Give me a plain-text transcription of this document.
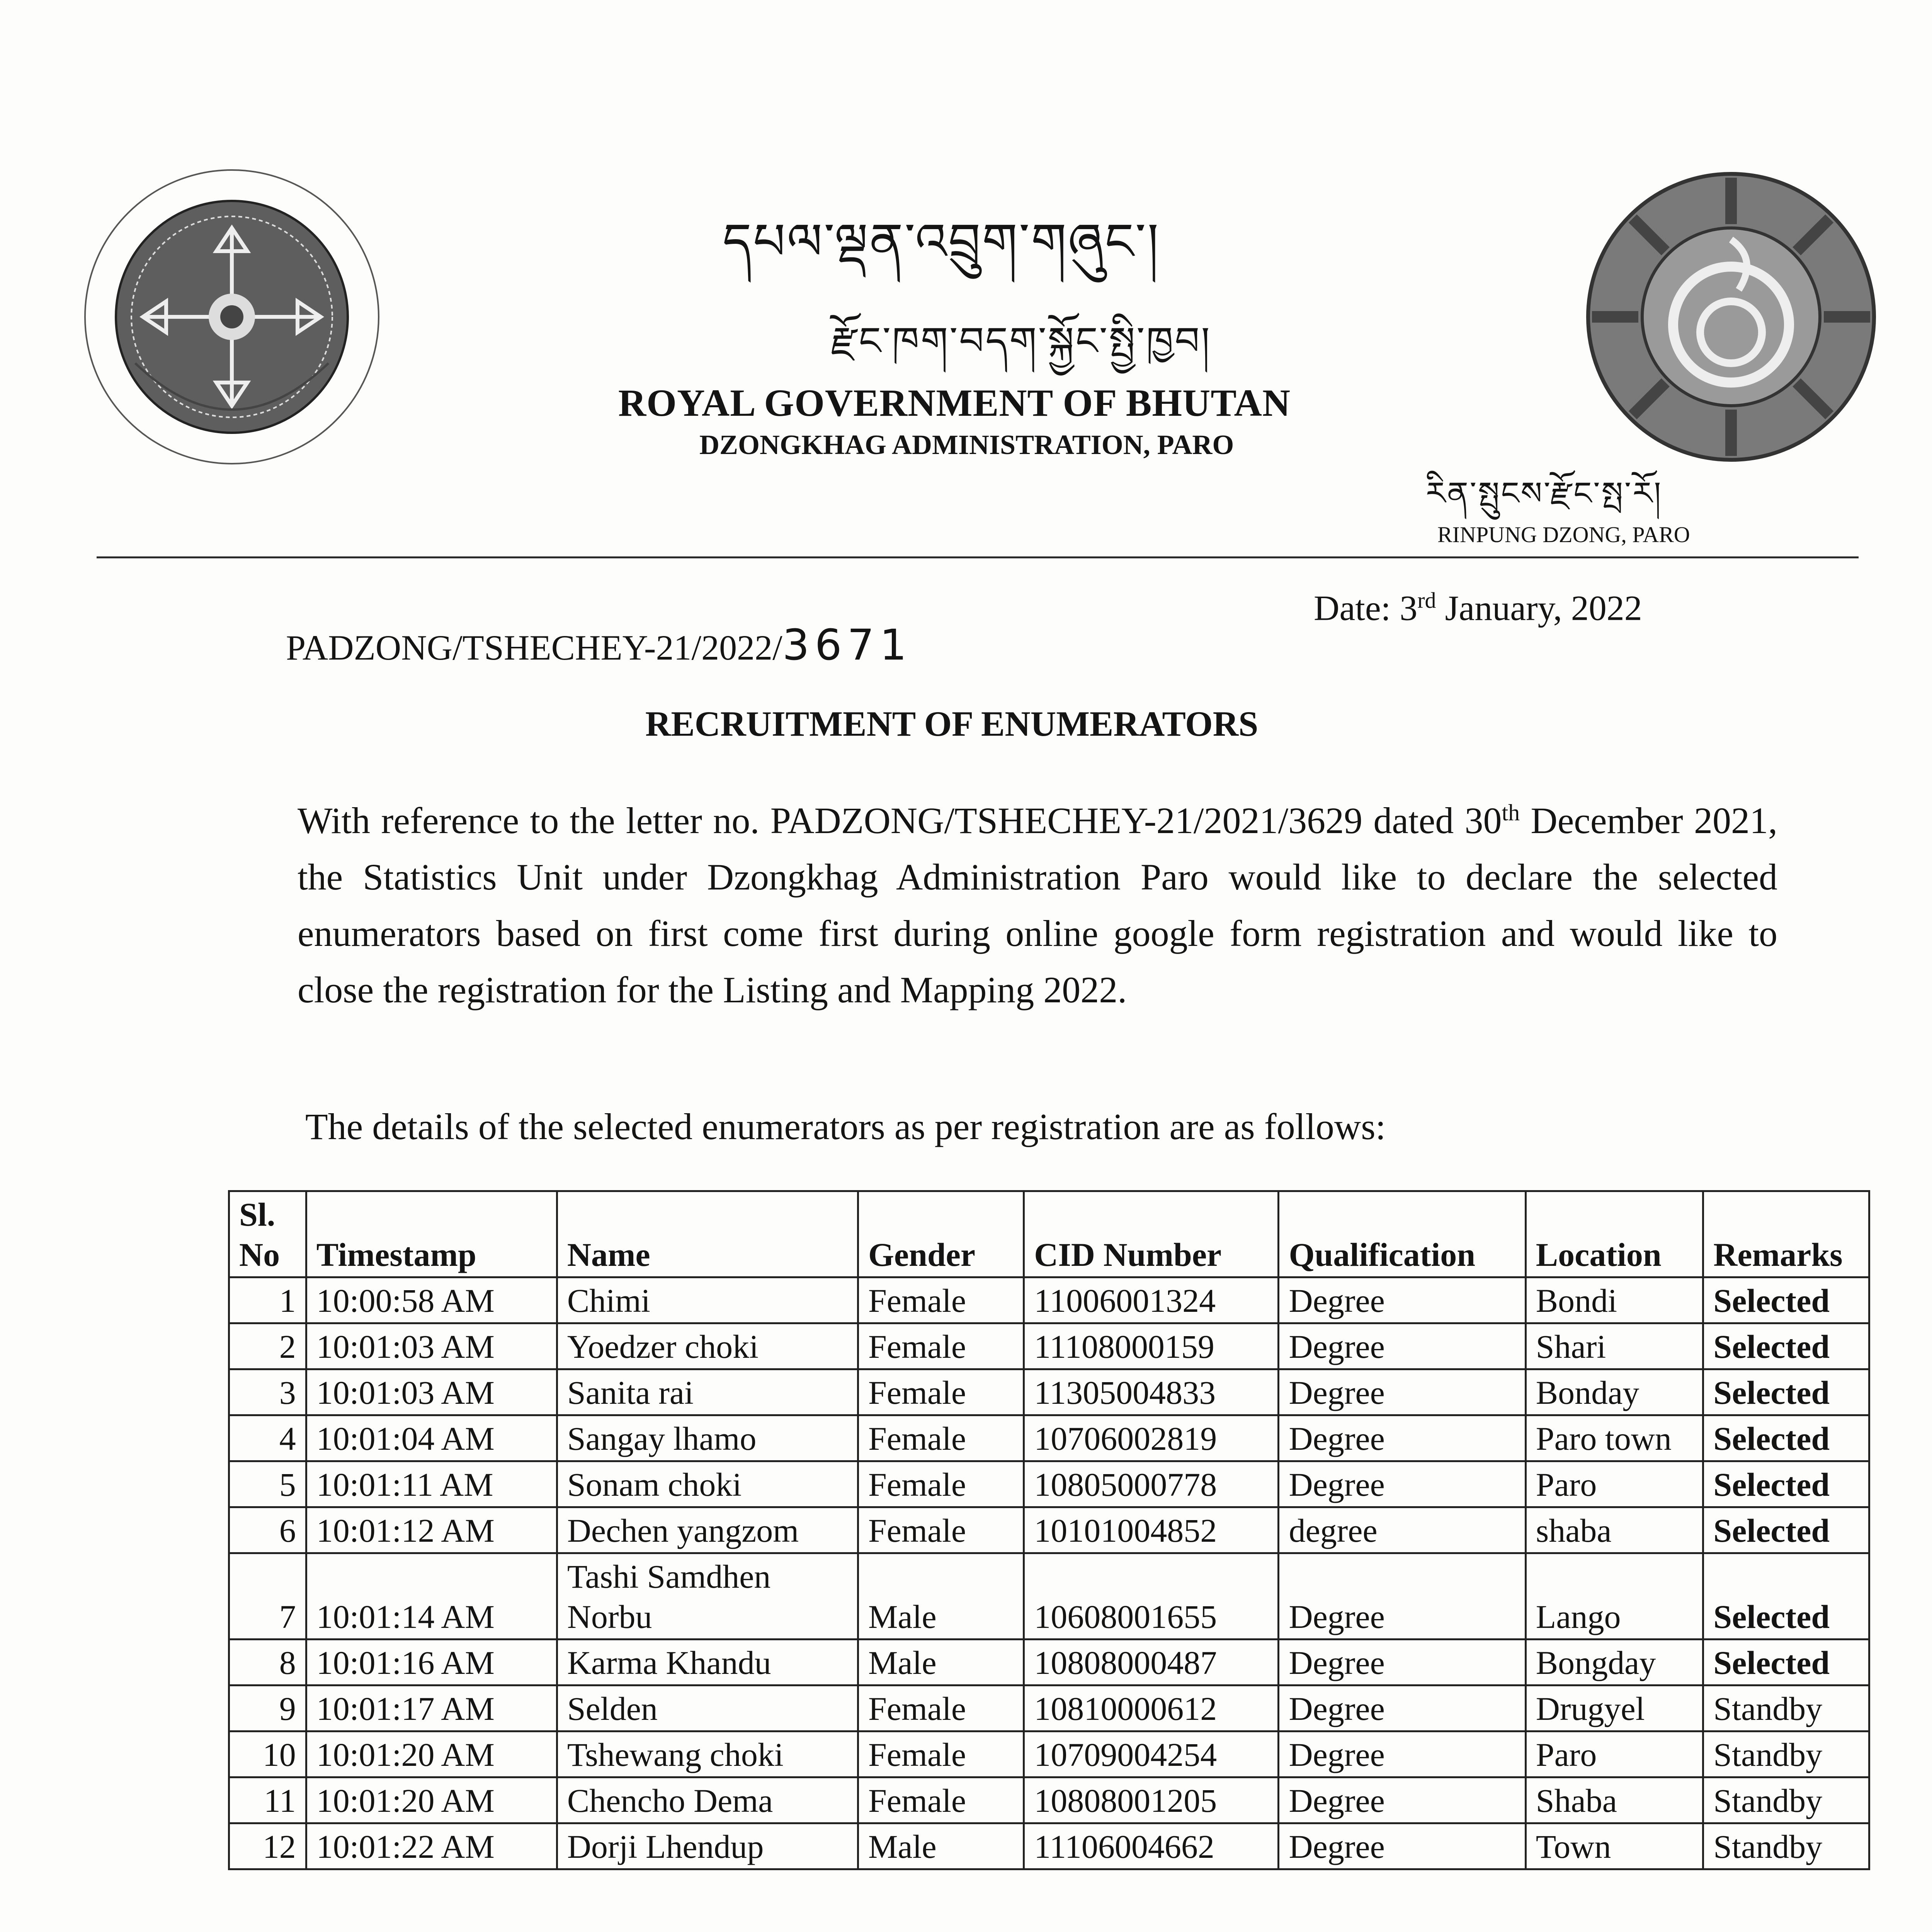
དཔལ་ལྡན་འབྲུག་གཞུང་།
རྫོང་ཁག་བདག་སྐྱོང་སྤྱི་ཁྱབ།
ROYAL GOVERNMENT OF BHUTAN
DZONGKHAG ADMINISTRATION, PARO
རིན་སྤུངས་རྫོང་སྤ་རོ།
RINPUNG DZONG, PARO
PADZONG/TSHECHEY-21/2022/3671
Date: 3rd January, 2022
RECRUITMENT OF ENUMERATORS
With reference to the letter no. PADZONG/TSHECHEY-21/2021/3629 dated 30th December 2021, the Statistics Unit under Dzongkhag Administration Paro would like to declare the selected enumerators based on first come first during online google form registration and would like to close the registration for the Listing and Mapping 2022.
The details of the selected enumerators as per registration are as follows:
Sl. No	Timestamp	Name	Gender	CID Number	Qualification	Location	Remarks
1	10:00:58 AM	Chimi	Female	11006001324	Degree	Bondi	Selected
2	10:01:03 AM	Yoedzer choki	Female	11108000159	Degree	Shari	Selected
3	10:01:03 AM	Sanita rai	Female	11305004833	Degree	Bonday	Selected
4	10:01:04 AM	Sangay lhamo	Female	10706002819	Degree	Paro town	Selected
5	10:01:11 AM	Sonam choki	Female	10805000778	Degree	Paro	Selected
6	10:01:12 AM	Dechen yangzom	Female	10101004852	degree	shaba	Selected
7	10:01:14 AM	Tashi Samdhen Norbu	Male	10608001655	Degree	Lango	Selected
8	10:01:16 AM	Karma Khandu	Male	10808000487	Degree	Bongday	Selected
9	10:01:17 AM	Selden	Female	10810000612	Degree	Drugyel	Standby
10	10:01:20 AM	Tshewang choki	Female	10709004254	Degree	Paro	Standby
11	10:01:20 AM	Chencho Dema	Female	10808001205	Degree	Shaba	Standby
12	10:01:22 AM	Dorji Lhendup	Male	11106004662	Degree	Town	Standby
